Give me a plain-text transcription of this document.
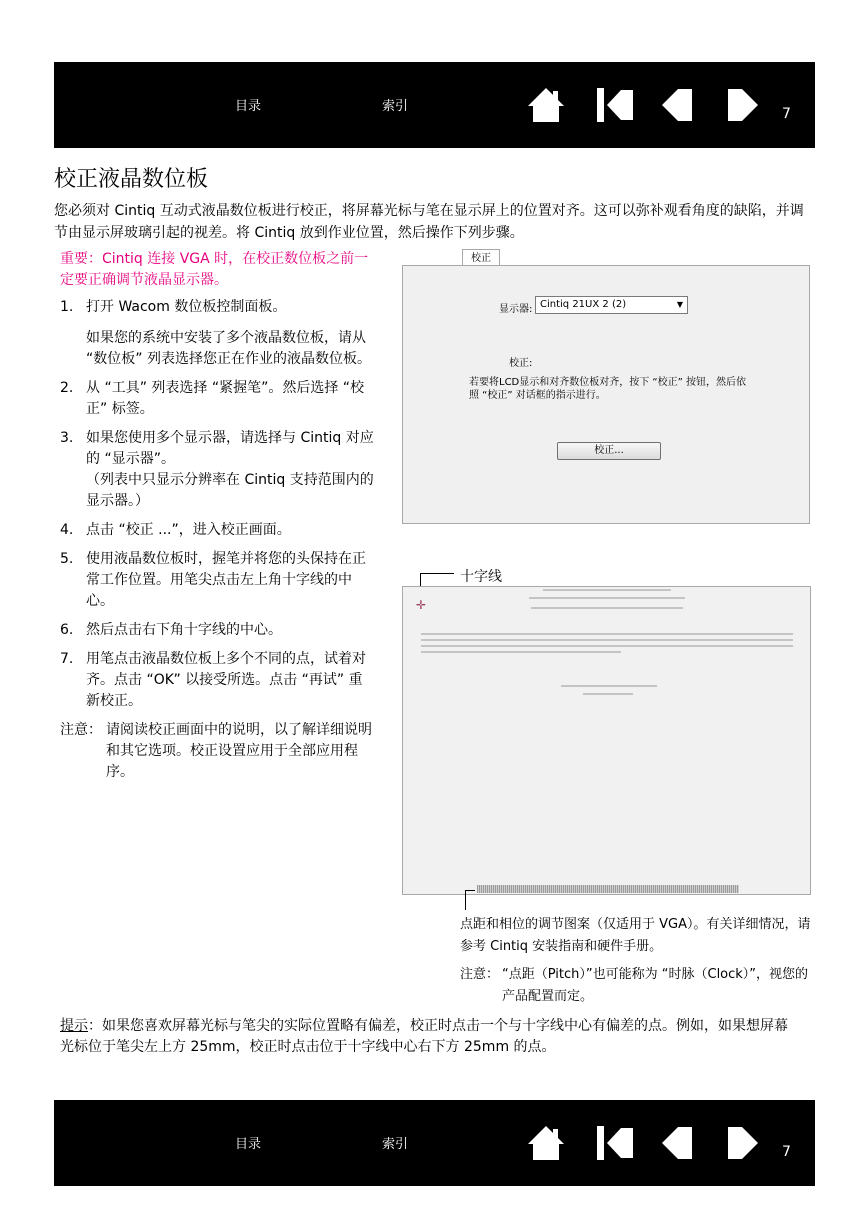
目录	索引	7
校正液晶数位板
您必须对 Cintiq 互动式液晶数位板进行校正，将屏幕光标与笔在显示屏上的位置对齐。这可以弥补观看角度的缺陷，并调节由显示屏玻璃引起的视差。将 Cintiq 放到作业位置，然后操作下列步骤。
重要：Cintiq 连接 VGA 时，在校正数位板之前一定要正确调节液晶显示器。
1. 打开 Wacom 数位板控制面板。
如果您的系统中安装了多个液晶数位板，请从 “数位板” 列表选择您正在作业的液晶数位板。
2. 从 “工具” 列表选择 “紧握笔”。然后选择 “校正” 标签。
3. 如果您使用多个显示器，请选择与 Cintiq 对应的 “显示器”。
（列表中只显示分辨率在 Cintiq 支持范围内的显示器。）
4. 点击 “校正 ...”，进入校正画面。
5. 使用液晶数位板时，握笔并将您的头保持在正常工作位置。用笔尖点击左上角十字线的中心。
6. 然后点击右下角十字线的中心。
7. 用笔点击液晶数位板上多个不同的点，试着对齐。点击 “OK” 以接受所选。点击 “再试” 重新校正。
注意： 请阅读校正画面中的说明，以了解详细说明和其它选项。校正设置应用于全部应用程序。
校正
显示器: Cintiq 21UX 2 (2)	▼
校正:
若要将LCD显示和对齐数位板对齐，按下 “校正” 按钮，然后依照 “校正” 对话框的指示进行。
校正...
十字线
✛
点距和相位的调节图案（仅适用于 VGA）。有关详细情况，请参考 Cintiq 安装指南和硬件手册。
注意： “点距（Pitch）”也可能称为 “时脉（Clock）”，视您的产品配置而定。
提示：如果您喜欢屏幕光标与笔尖的实际位置略有偏差，校正时点击一个与十字线中心有偏差的点。例如，如果想屏幕光标位于笔尖左上方 25mm，校正时点击位于十字线中心右下方 25mm 的点。
目录	索引	7
